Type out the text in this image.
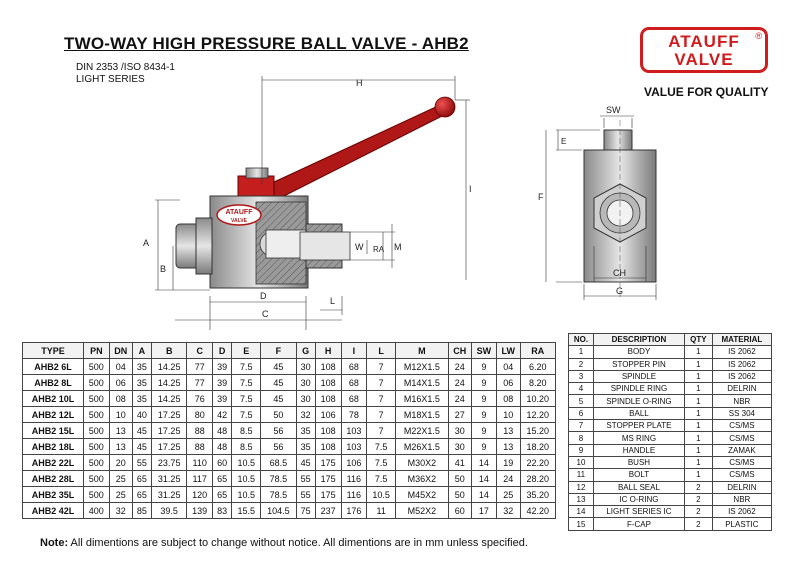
TWO-WAY HIGH PRESSURE BALL VALVE - AHB2
DIN 2353 /ISO 8434-1
LIGHT SERIES
ATAUFF
VALVE
®
VALUE FOR QUALITY
ATAUFF
VALVE
H
I
A
B
D	L
C
W RA M
SW
E
F
CH
G
TYPE	PN	DN	A	B	C	D	E	F	G	H	I	L	M	CH	SW	LW	RA
AHB2 6L	500	04	35	14.25	77	39	7.5	45	30	108	68	7	M12X1.5	24	9	04	6.20
AHB2 8L	500	06	35	14.25	77	39	7.5	45	30	108	68	7	M14X1.5	24	9	06	8.20
AHB2 10L	500	08	35	14.25	76	39	7.5	45	30	108	68	7	M16X1.5	24	9	08	10.20
AHB2 12L	500	10	40	17.25	80	42	7.5	50	32	106	78	7	M18X1.5	27	9	10	12.20
AHB2 15L	500	13	45	17.25	88	48	8.5	56	35	108	103	7	M22X1.5	30	9	13	15.20
AHB2 18L	500	13	45	17.25	88	48	8.5	56	35	108	103	7.5	M26X1.5	30	9	13	18.20
AHB2 22L	500	20	55	23.75	110	60	10.5	68.5	45	175	106	7.5	M30X2	41	14	19	22.20
AHB2 28L	500	25	65	31.25	117	65	10.5	78.5	55	175	116	7.5	M36X2	50	14	24	28.20
AHB2 35L	500	25	65	31.25	120	65	10.5	78.5	55	175	116	10.5	M45X2	50	14	25	35.20
AHB2 42L	400	32	85	39.5	139	83	15.5	104.5	75	237	176	11	M52X2	60	17	32	42.20
NO.	DESCRIPTION	QTY	MATERIAL
1	BODY	1	IS 2062
2	STOPPER PIN	1	IS 2062
3	SPINDLE	1	IS 2062
4	SPINDLE RING	1	DELRIN
5	SPINDLE O-RING	1	NBR
6	BALL	1	SS 304
7	STOPPER PLATE	1	CS/MS
8	MS RING	1	CS/MS
9	HANDLE	1	ZAMAK
10	BUSH	1	CS/MS
11	BOLT	1	CS/MS
12	BALL SEAL	2	DELRIN
13	IC O-RING	2	NBR
14	LIGHT SERIES IC	2	IS 2062
15	F-CAP	2	PLASTIC
Note: All dimentions are subject to change without notice. All dimentions are in mm unless specified.
